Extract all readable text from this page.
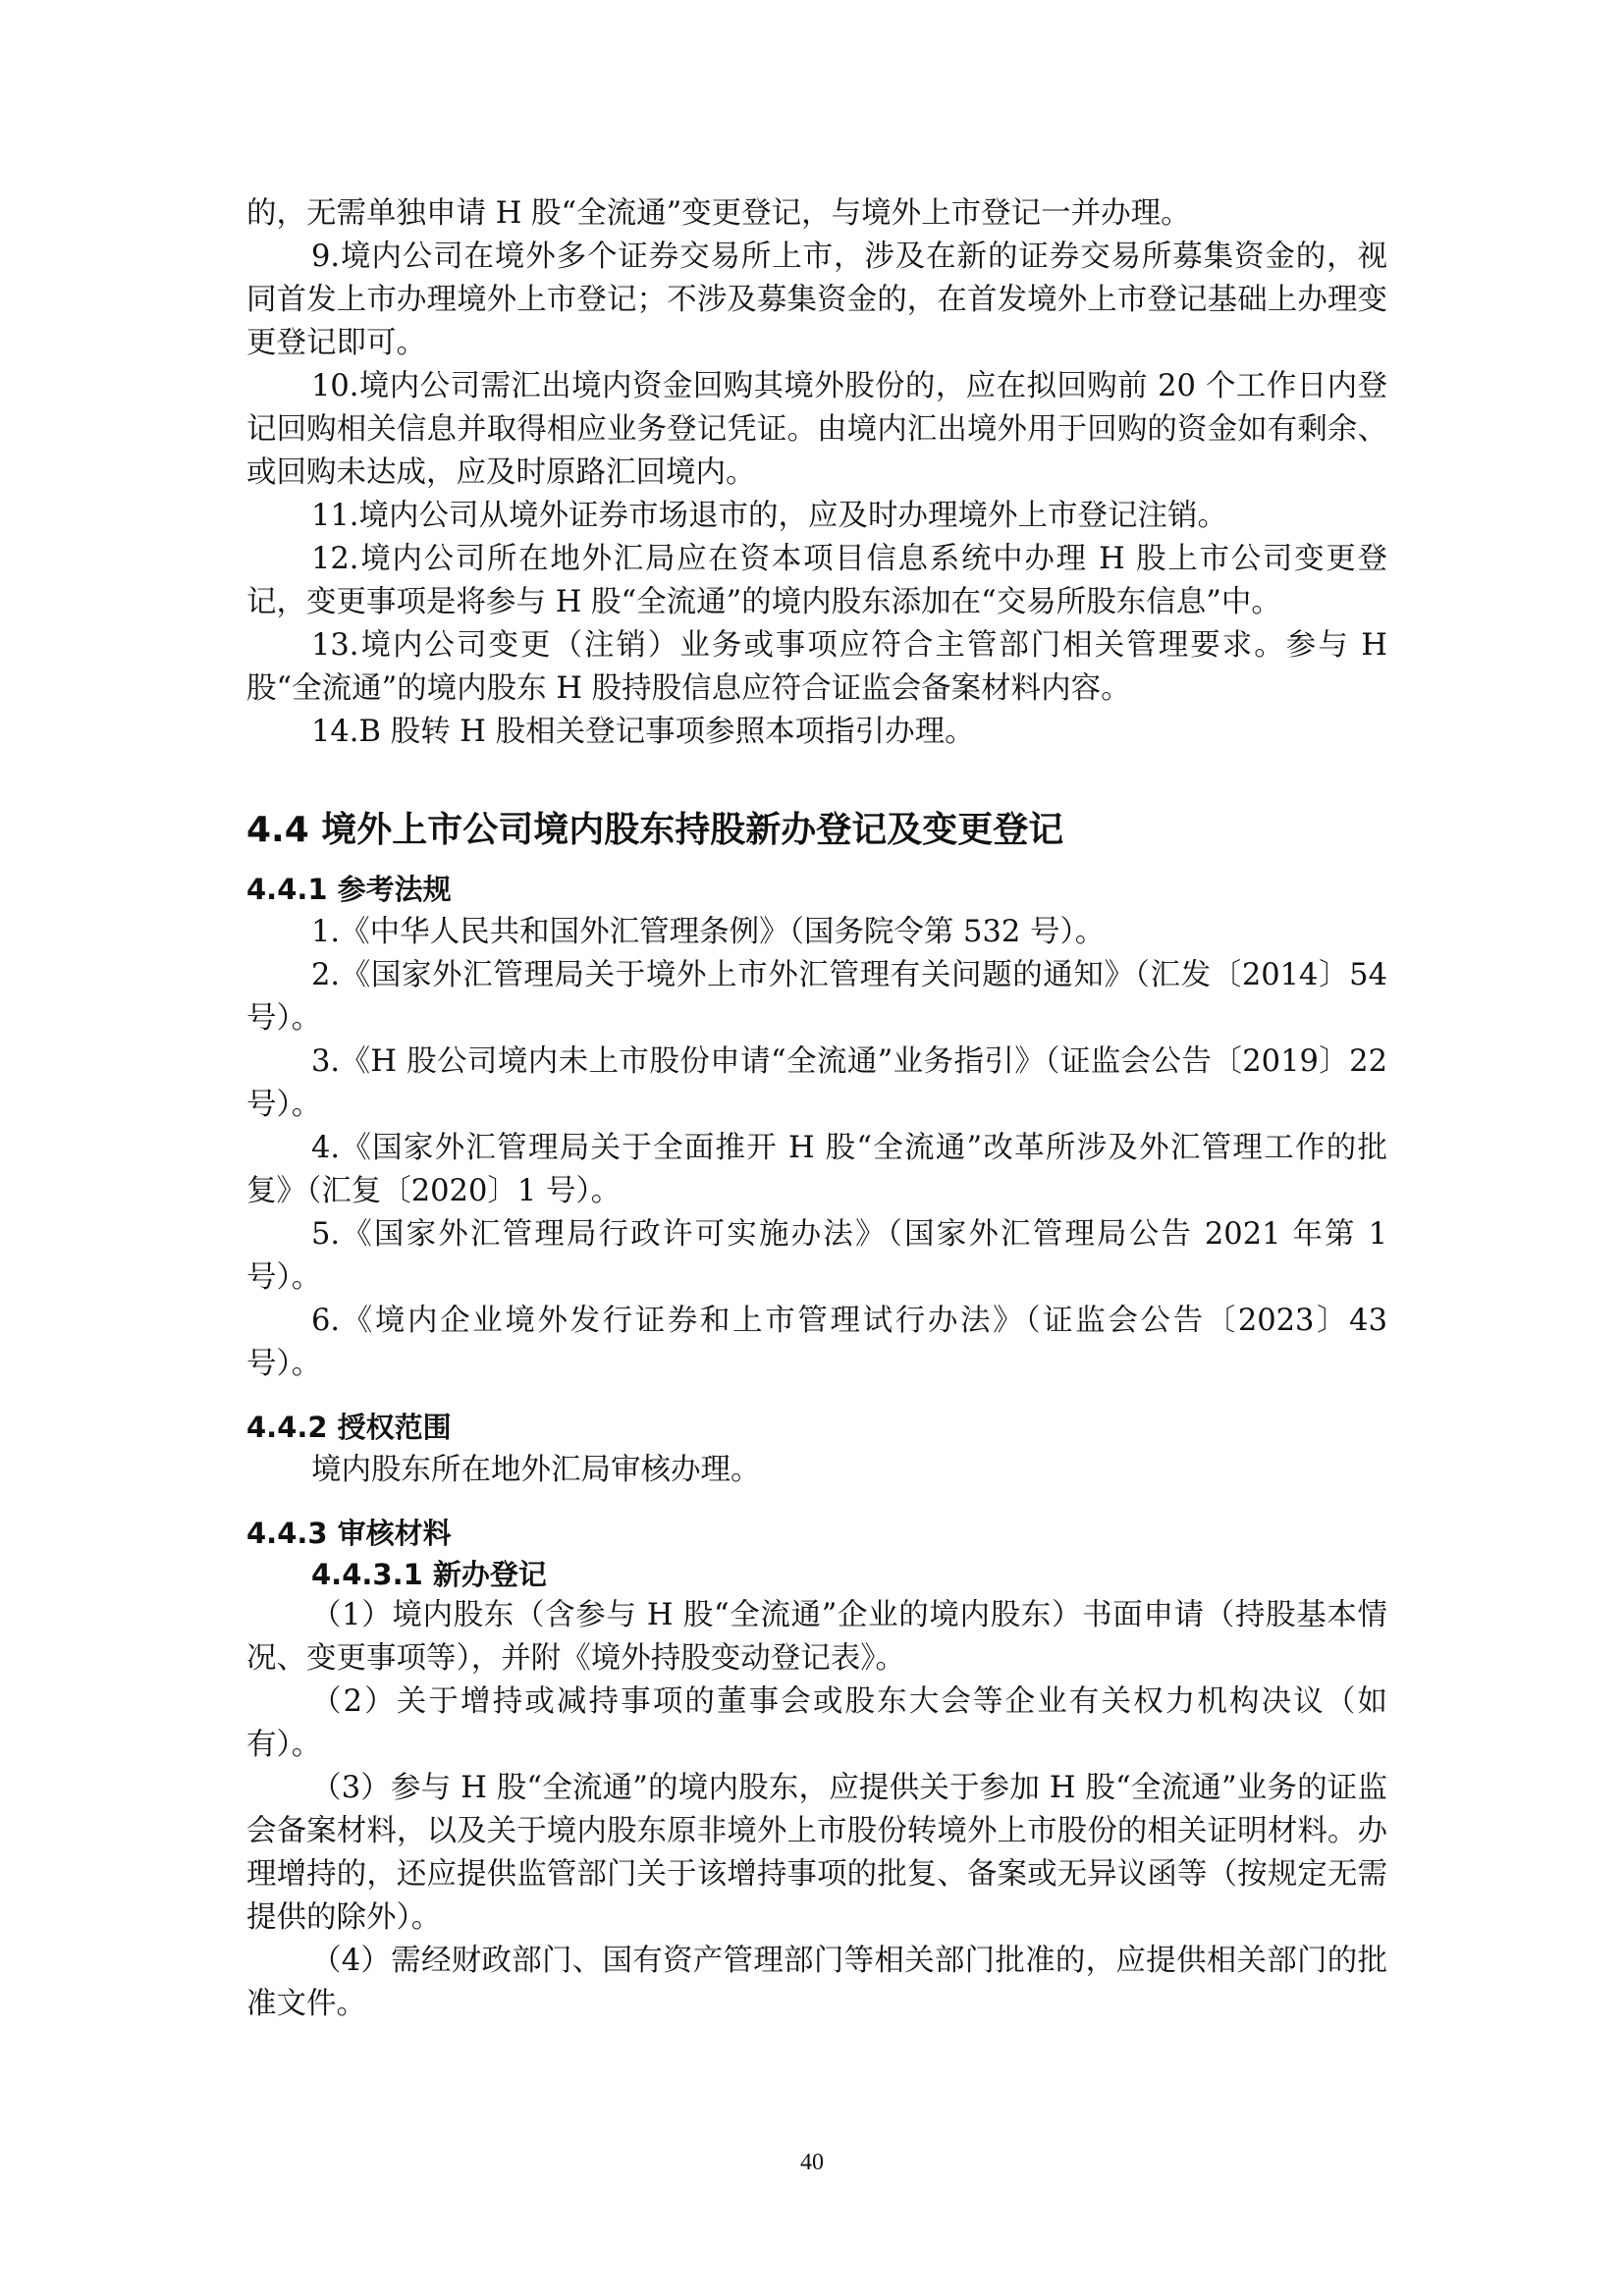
的，无需单独申请 H 股“全流通”变更登记，与境外上市登记一并办理。

9.境内公司在境外多个证券交易所上市，涉及在新的证券交易所募集资金的，视同首发上市办理境外上市登记；不涉及募集资金的，在首发境外上市登记基础上办理变更登记即可。

10.境内公司需汇出境内资金回购其境外股份的，应在拟回购前 20 个工作日内登记回购相关信息并取得相应业务登记凭证。由境内汇出境外用于回购的资金如有剩余、或回购未达成，应及时原路汇回境内。

11.境内公司从境外证券市场退市的，应及时办理境外上市登记注销。

12.境内公司所在地外汇局应在资本项目信息系统中办理 H 股上市公司变更登记，变更事项是将参与 H 股“全流通”的境内股东添加在“交易所股东信息”中。

13.境内公司变更（注销）业务或事项应符合主管部门相关管理要求。参与 H 股“全流通”的境内股东 H 股持股信息应符合证监会备案材料内容。

14.B 股转 H 股相关登记事项参照本项指引办理。

4.4 境外上市公司境内股东持股新办登记及变更登记
4.4.1 参考法规

1.《中华人民共和国外汇管理条例》（国务院令第 532 号）。

2.《国家外汇管理局关于境外上市外汇管理有关问题的通知》（汇发〔2014〕54 号）。

3.《H 股公司境内未上市股份申请“全流通”业务指引》（证监会公告〔2019〕22 号）。

4.《国家外汇管理局关于全面推开 H 股“全流通”改革所涉及外汇管理工作的批复》（汇复〔2020〕1 号）。

5.《国家外汇管理局行政许可实施办法》（国家外汇管理局公告 2021 年第 1 号）。

6.《境内企业境外发行证券和上市管理试行办法》（证监会公告〔2023〕43 号）。

4.4.2 授权范围

境内股东所在地外汇局审核办理。

4.4.3 审核材料
4.4.3.1 新办登记

（1）境内股东（含参与 H 股“全流通”企业的境内股东）书面申请（持股基本情况、变更事项等），并附《境外持股变动登记表》。

（2）关于增持或减持事项的董事会或股东大会等企业有关权力机构决议（如有）。

（3）参与 H 股“全流通”的境内股东，应提供关于参加 H 股“全流通”业务的证监会备案材料，以及关于境内股东原非境外上市股份转境外上市股份的相关证明材料。办理增持的，还应提供监管部门关于该增持事项的批复、备案或无异议函等（按规定无需提供的除外）。

（4）需经财政部门、国有资产管理部门等相关部门批准的，应提供相关部门的批准文件。

40
